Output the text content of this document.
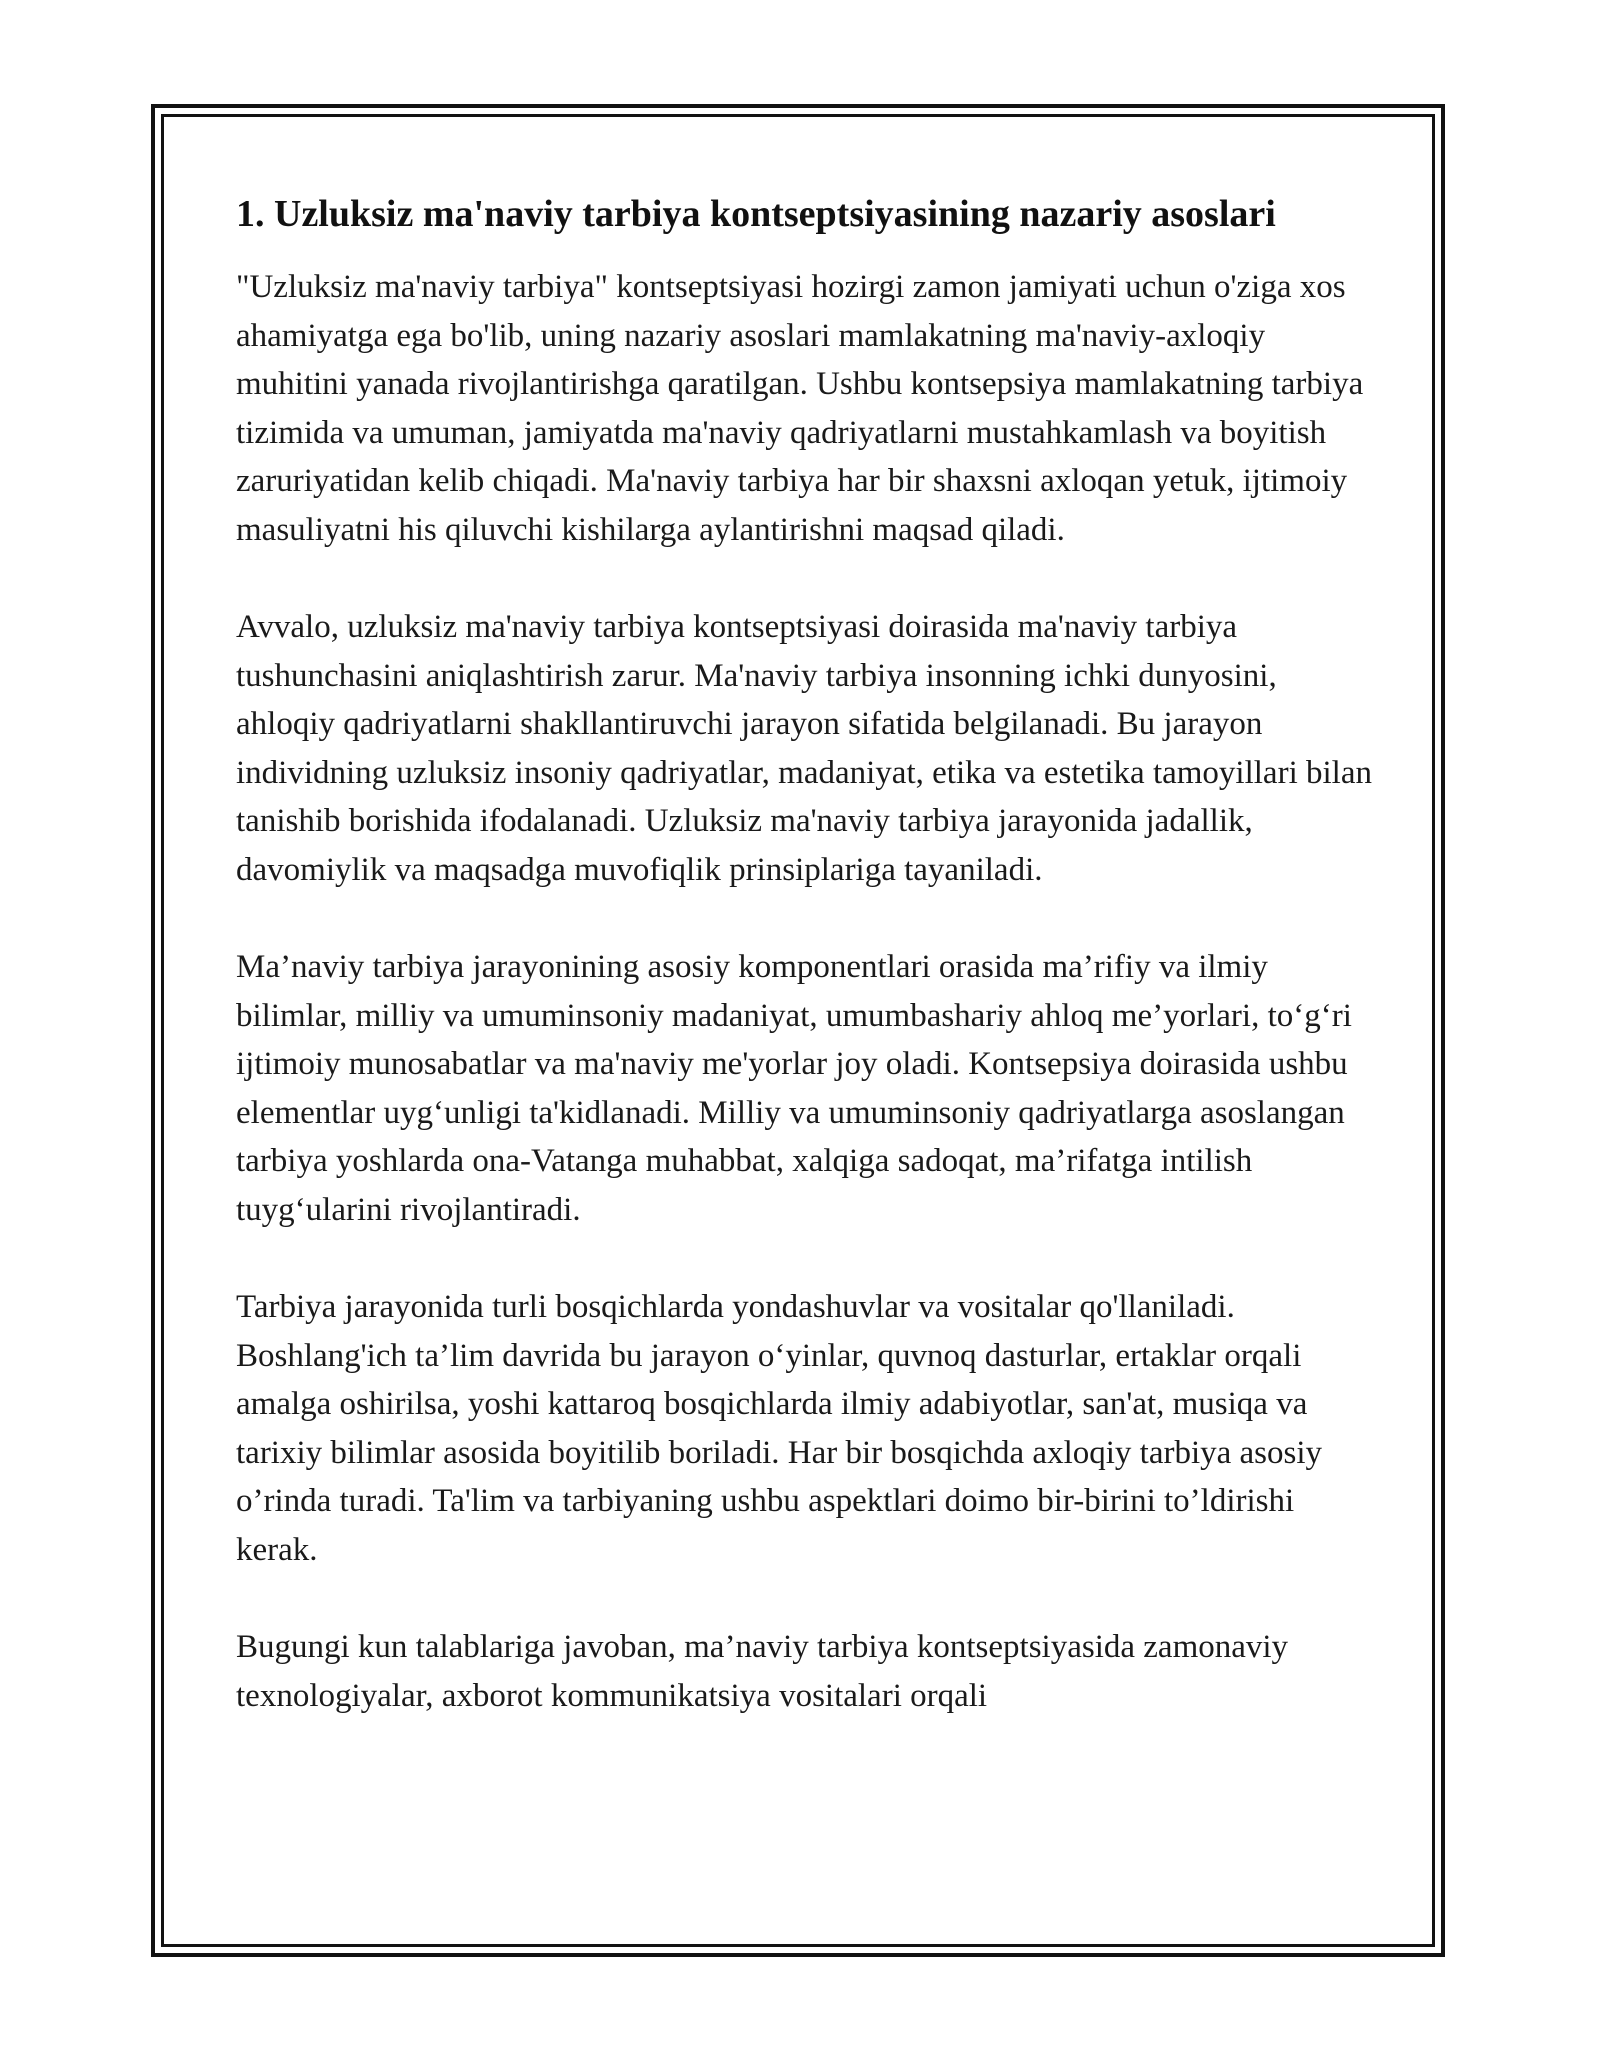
1. Uzluksiz ma'naviy tarbiya kontseptsiyasining nazariy asoslari

"Uzluksiz ma'naviy tarbiya" kontseptsiyasi hozirgi zamon jamiyati uchun o'ziga xos ahamiyatga ega bo'lib, uning nazariy asoslari mamlakatning ma'naviy-axloqiy muhitini yanada rivojlantirishga qaratilgan. Ushbu kontsepsiya mamlakatning tarbiya tizimida va umuman, jamiyatda ma'naviy qadriyatlarni mustahkamlash va boyitish zaruriyatidan kelib chiqadi. Ma'naviy tarbiya har bir shaxsni axloqan yetuk, ijtimoiy masuliyatni his qiluvchi kishilarga aylantirishni maqsad qiladi.

Avvalo, uzluksiz ma'naviy tarbiya kontseptsiyasi doirasida ma'naviy tarbiya tushunchasini aniqlashtirish zarur. Ma'naviy tarbiya insonning ichki dunyosini, ahloqiy qadriyatlarni shakllantiruvchi jarayon sifatida belgilanadi. Bu jarayon individning uzluksiz insoniy qadriyatlar, madaniyat, etika va estetika tamoyillari bilan tanishib borishida ifodalanadi. Uzluksiz ma'naviy tarbiya jarayonida jadallik, davomiylik va maqsadga muvofiqlik prinsiplariga tayaniladi.

Ma’naviy tarbiya jarayonining asosiy komponentlari orasida ma’rifiy va ilmiy bilimlar, milliy va umuminsoniy madaniyat, umumbashariy ahloq me’yorlari, to‘g‘ri ijtimoiy munosabatlar va ma'naviy me'yorlar joy oladi. Kontsepsiya doirasida ushbu elementlar uyg‘unligi ta'kidlanadi. Milliy va umuminsoniy qadriyatlarga asoslangan tarbiya yoshlarda ona-Vatanga muhabbat, xalqiga sadoqat, ma’rifatga intilish tuyg‘ularini rivojlantiradi.

Tarbiya jarayonida turli bosqichlarda yondashuvlar va vositalar qo'llaniladi. Boshlang'ich ta’lim davrida bu jarayon o‘yinlar, quvnoq dasturlar, ertaklar orqali amalga oshirilsa, yoshi kattaroq bosqichlarda ilmiy adabiyotlar, san'at, musiqa va tarixiy bilimlar asosida boyitilib boriladi. Har bir bosqichda axloqiy tarbiya asosiy o’rinda turadi. Ta'lim va tarbiyaning ushbu aspektlari doimo bir-birini to’ldirishi kerak.

Bugungi kun talablariga javoban, ma’naviy tarbiya kontseptsiyasida zamonaviy texnologiyalar, axborot kommunikatsiya vositalari orqali
